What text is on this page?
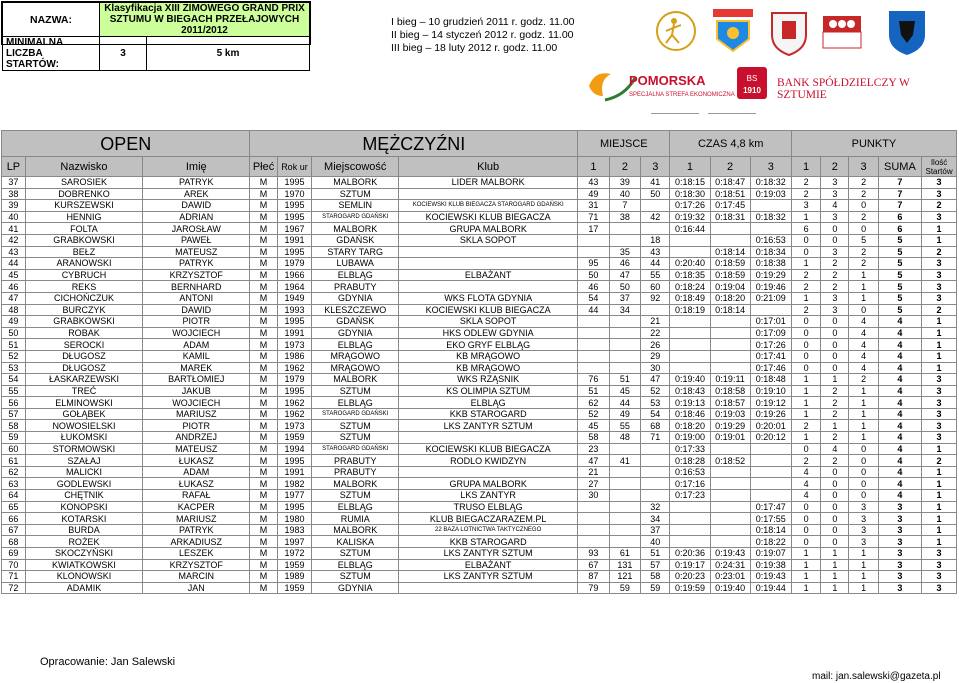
NAZWA:	Klasyfikacja XIII ZIMOWEGO GRAND PRIX
SZTUMU W BIEGACH PRZEŁAJOWYCH
2011/2012	

MINIMALNA LICZBA STARTÓW:	3	5 km
I bieg – 10 grudzień 2011 r. godz. 11.00
II bieg – 14 styczeń 2012 r. godz. 11.00
III bieg – 18 luty 2012 r. godz. 11.00
POMORSKA
SPECJALNA STREFA EKONOMICZNA
BS
1910
BANK SPÓŁDZIELCZY W SZTUMIE
OPEN			MĘŻCZYŹNI				MIEJSCE			CZAS 4,8 km			PUNKTY				
LP	Nazwisko	Imię	Płeć	Rok ur	Miejscowość	Klub	1	2	3	1	2	3	1	2	3	SUMA	Ilość Startów
37	SAROSIEK	PATRYK	M	1995	MALBORK	LIDER MALBORK	43	39	41	0:18:15	0:18:47	0:18:32	2	3	2	7	3
38	DOBRENKO	AREK	M	1970	SZTUM		49	40	50	0:18:30	0:18:51	0:19:03	2	3	2	7	3
39	KURSZEWSKI	DAWID	M	1995	SEMLIN	KOCIEWSKI KLUB BIEGACZA STAROGARD GDAŃSKI	31	7		0:17:26	0:17:45		3	4	0	7	2
40	HENNIG	ADRIAN	M	1995	STAROGARD GDAŃSKI	KOCIEWSKI KLUB BIEGACZA	71	38	42	0:19:32	0:18:31	0:18:32	1	3	2	6	3
41	FOLTA	JAROSŁAW	M	1967	MALBORK	GRUPA MALBORK	17			0:16:44			6	0	0	6	1
42	GRABKOWSKI	PAWEŁ	M	1991	GDAŃSK	SKLA SOPOT			18			0:16:53	0	0	5	5	1
43	BEŁZ	MATEUSZ	M	1995	STARY TARG			35	43		0:18:14	0:18:34	0	3	2	5	2
44	ARANOWSKI	PATRYK	M	1979	LUBAWA		95	46	44	0:20:40	0:18:59	0:18:38	1	2	2	5	3
45	CYBRUCH	KRZYSZTOF	M	1966	ELBLĄG	ELBAŻANT	50	47	55	0:18:35	0:18:59	0:19:29	2	2	1	5	3
46	REKS	BERNHARD	M	1964	PRABUTY		46	50	60	0:18:24	0:19:04	0:19:46	2	2	1	5	3
47	CICHOŃCZUK	ANTONI	M	1949	GDYNIA	WKS FLOTA GDYNIA	54	37	92	0:18:49	0:18:20	0:21:09	1	3	1	5	3
48	BURCZYK	DAWID	M	1993	KLESZCZEWO	KOCIEWSKI KLUB BIEGACZA	44	34		0:18:19	0:18:14		2	3	0	5	2
49	GRABKOWSKI	PIOTR	M	1995	GDAŃSK	SKLA SOPOT			21			0:17:01	0	0	4	4	1
50	ROBAK	WOJCIECH	M	1991	GDYNIA	HKS ODLEW GDYNIA			22			0:17:09	0	0	4	4	1
51	SEROCKI	ADAM	M	1973	ELBLĄG	EKO GRYF ELBLĄG			26			0:17:26	0	0	4	4	1
52	DŁUGOSZ	KAMIL	M	1986	MRĄGOWO	KB MRĄGOWO			29			0:17:41	0	0	4	4	1
53	DŁUGOSZ	MAREK	M	1962	MRĄGOWO	KB MRĄGOWO			30			0:17:46	0	0	4	4	1
54	ŁASKARZEWSKI	BARTŁOMIEJ	M	1979	MALBORK	WKS RZĄSNIK	76	51	47	0:19:40	0:19:11	0:18:48	1	1	2	4	3
55	TREĆ	JAKUB	M	1995	SZTUM	KS OLIMPIA SZTUM	51	45	52	0:18:43	0:18:58	0:19:10	1	2	1	4	3
56	ELMINOWSKI	WOJCIECH	M	1962	ELBLĄG	ELBLĄG	62	44	53	0:19:13	0:18:57	0:19:12	1	2	1	4	3
57	GOŁĄBEK	MARIUSZ	M	1962	STAROGARD GDAŃSKI	KKB STAROGARD	52	49	54	0:18:46	0:19:03	0:19:26	1	2	1	4	3
58	NOWOSIELSKI	PIOTR	M	1973	SZTUM	LKS ZANTYR SZTUM	45	55	68	0:18:20	0:19:29	0:20:01	2	1	1	4	3
59	ŁUKOMSKI	ANDRZEJ	M	1959	SZTUM		58	48	71	0:19:00	0:19:01	0:20:12	1	2	1	4	3
60	STORMOWSKI	MATEUSZ	M	1994	STAROGARD GDAŃSKI	KOCIEWSKI KLUB BIEGACZA	23			0:17:33			0	4	0	4	1
61	SZAŁAJ	ŁUKASZ	M	1995	PRABUTY	RODLO KWIDZYN	47	41		0:18:28	0:18:52		2	2	0	4	2
62	MALICKI	ADAM	M	1991	PRABUTY		21			0:16:53			4	0	0	4	1
63	GODLEWSKI	ŁUKASZ	M	1982	MALBORK	GRUPA MALBORK	27			0:17:16			4	0	0	4	1
64	CHĘTNIK	RAFAŁ	M	1977	SZTUM	LKS ZANTYR	30			0:17:23			4	0	0	4	1
65	KONOPSKI	KACPER	M	1995	ELBLĄG	TRUSO ELBLĄG			32			0:17:47	0	0	3	3	1
66	KOTARSKI	MARIUSZ	M	1980	RUMIA	KLUB BIEGACZARAZEM.PL			34			0:17:55	0	0	3	3	1
67	BURDA	PATRYK	M	1983	MALBORK	22 BAZA LOTNICTWA TAKTYCZNEGO			37			0:18:14	0	0	3	3	1
68	ROŻEK	ARKADIUSZ	M	1997	KALISKA	KKB STAROGARD			40			0:18:22	0	0	3	3	1
69	SKOCZYŃSKI	LESZEK	M	1972	SZTUM	LKS ZANTYR SZTUM	93	61	51	0:20:36	0:19:43	0:19:07	1	1	1	3	3
70	KWIATKOWSKI	KRZYSZTOF	M	1959	ELBLĄG	ELBAŻANT	67	131	57	0:19:17	0:24:31	0:19:38	1	1	1	3	3
71	KLONOWSKI	MARCIN	M	1989	SZTUM	LKS ZANTYR SZTUM	87	121	58	0:20:23	0:23:01	0:19:43	1	1	1	3	3
72	ADAMIK	JAN	M	1959	GDYNIA		79	59	59	0:19:59	0:19:40	0:19:44	1	1	1	3	3
Opracowanie: Jan Salewski
mail: jan.salewski@gazeta.pl
